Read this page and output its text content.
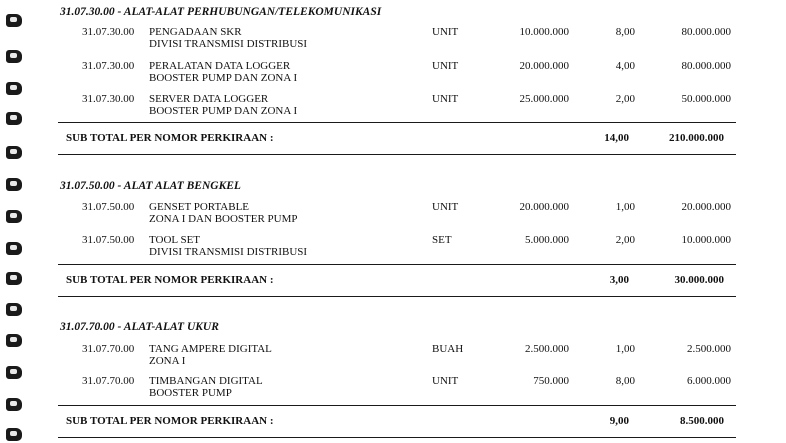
31.07.30.00 - ALAT-ALAT PERHUBUNGAN/TELEKOMUNIKASI
31.07.30.00 PENGADAAN SKR
DIVISI TRANSMISI DISTRIBUSI
UNIT	10.000.000	8,00	80.000.000
31.07.30.00 PERALATAN DATA LOGGER
BOOSTER PUMP DAN ZONA I
UNIT	20.000.000	4,00	80.000.000
31.07.30.00 SERVER DATA LOGGER
BOOSTER PUMP DAN ZONA I
UNIT	25.000.000	2,00	50.000.000
SUB TOTAL PER NOMOR PERKIRAAN :	14,00	210.000.000
31.07.50.00 - ALAT ALAT BENGKEL
31.07.50.00 GENSET PORTABLE
ZONA I DAN BOOSTER PUMP
UNIT	20.000.000	1,00	20.000.000
31.07.50.00 TOOL SET
DIVISI TRANSMISI DISTRIBUSI
SET	5.000.000	2,00	10.000.000
SUB TOTAL PER NOMOR PERKIRAAN :	3,00	30.000.000
31.07.70.00 - ALAT-ALAT UKUR
31.07.70.00 TANG AMPERE DIGITAL
ZONA I
BUAH	2.500.000	1,00	2.500.000
31.07.70.00 TIMBANGAN DIGITAL
BOOSTER PUMP
UNIT	750.000	8,00	6.000.000
SUB TOTAL PER NOMOR PERKIRAAN :	9,00	8.500.000
